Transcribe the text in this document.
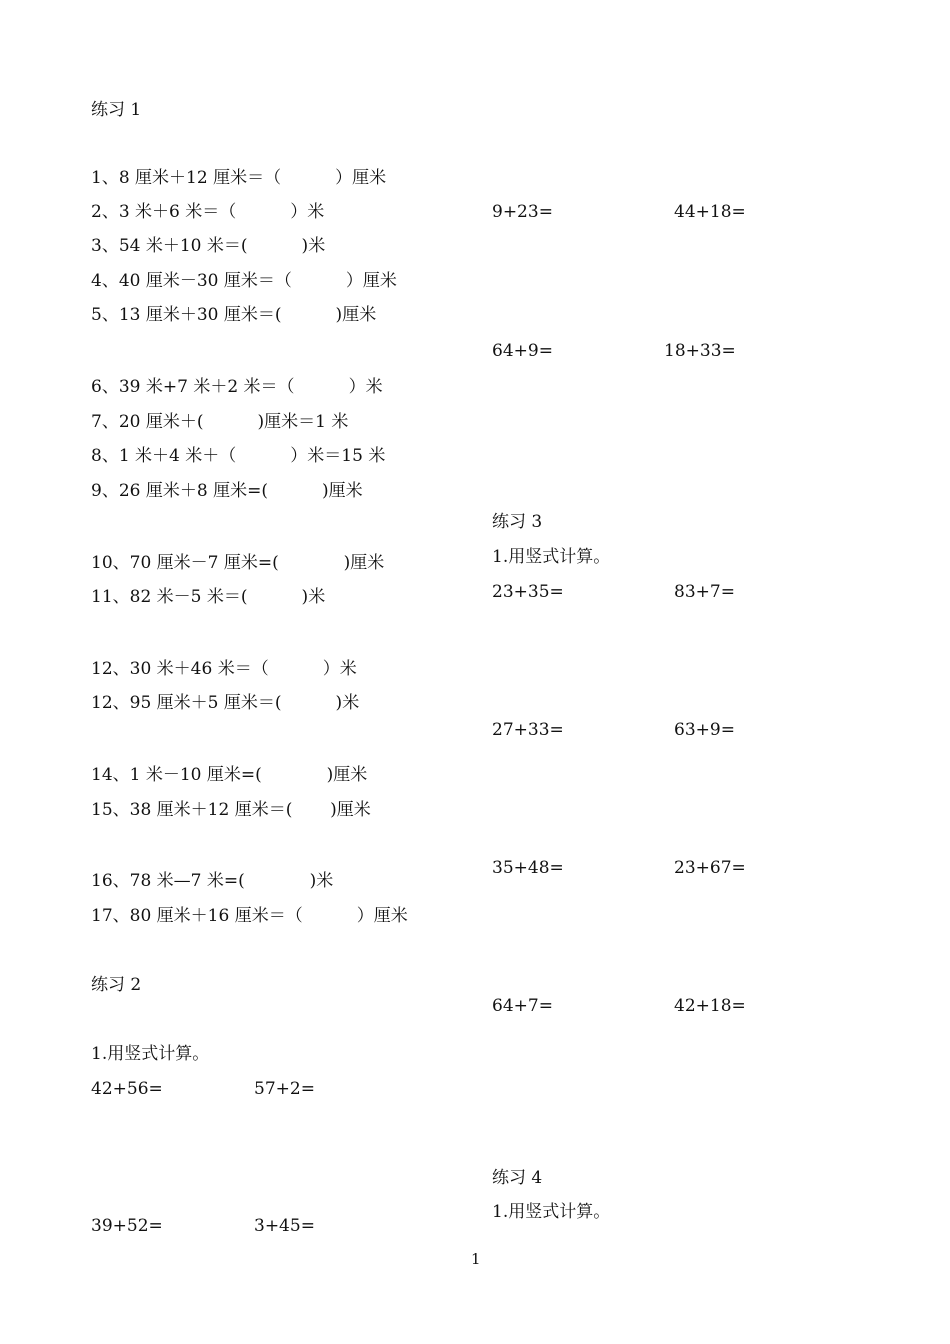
练习 1
1、8 厘米＋12 厘米＝（          ）厘米
2、3 米＋6 米＝（          ）米
3、54 米＋10 米＝(          )米
4、40 厘米－30 厘米＝（          ）厘米
5、13 厘米＋30 厘米＝(          )厘米
6、39 米+7 米＋2 米＝（          ）米
7、20 厘米＋(          )厘米＝1 米
8、1 米＋4 米＋（          ）米＝15 米
9、26 厘米＋8 厘米=(          )厘米
10、70 厘米－7 厘米=(            )厘米
11、82 米－5 米＝(          )米
12、30 米＋46 米＝（          ）米
12、95 厘米＋5 厘米＝(          )米
14、1 米－10 厘米=(            )厘米
15、38 厘米＋12 厘米＝(       )厘米
16、78 米—7 米=(            )米
17、80 厘米＋16 厘米＝（          ）厘米
练习 2
1.用竖式计算。
42+56=	57+2=
39+52=	3+45=
9+23=	44+18=
64+9=	18+33=
练习 3
1.用竖式计算。
23+35=	83+7=
27+33=	63+9=
35+48=	23+67=
64+7=	42+18=
练习 4
1.用竖式计算。
1
